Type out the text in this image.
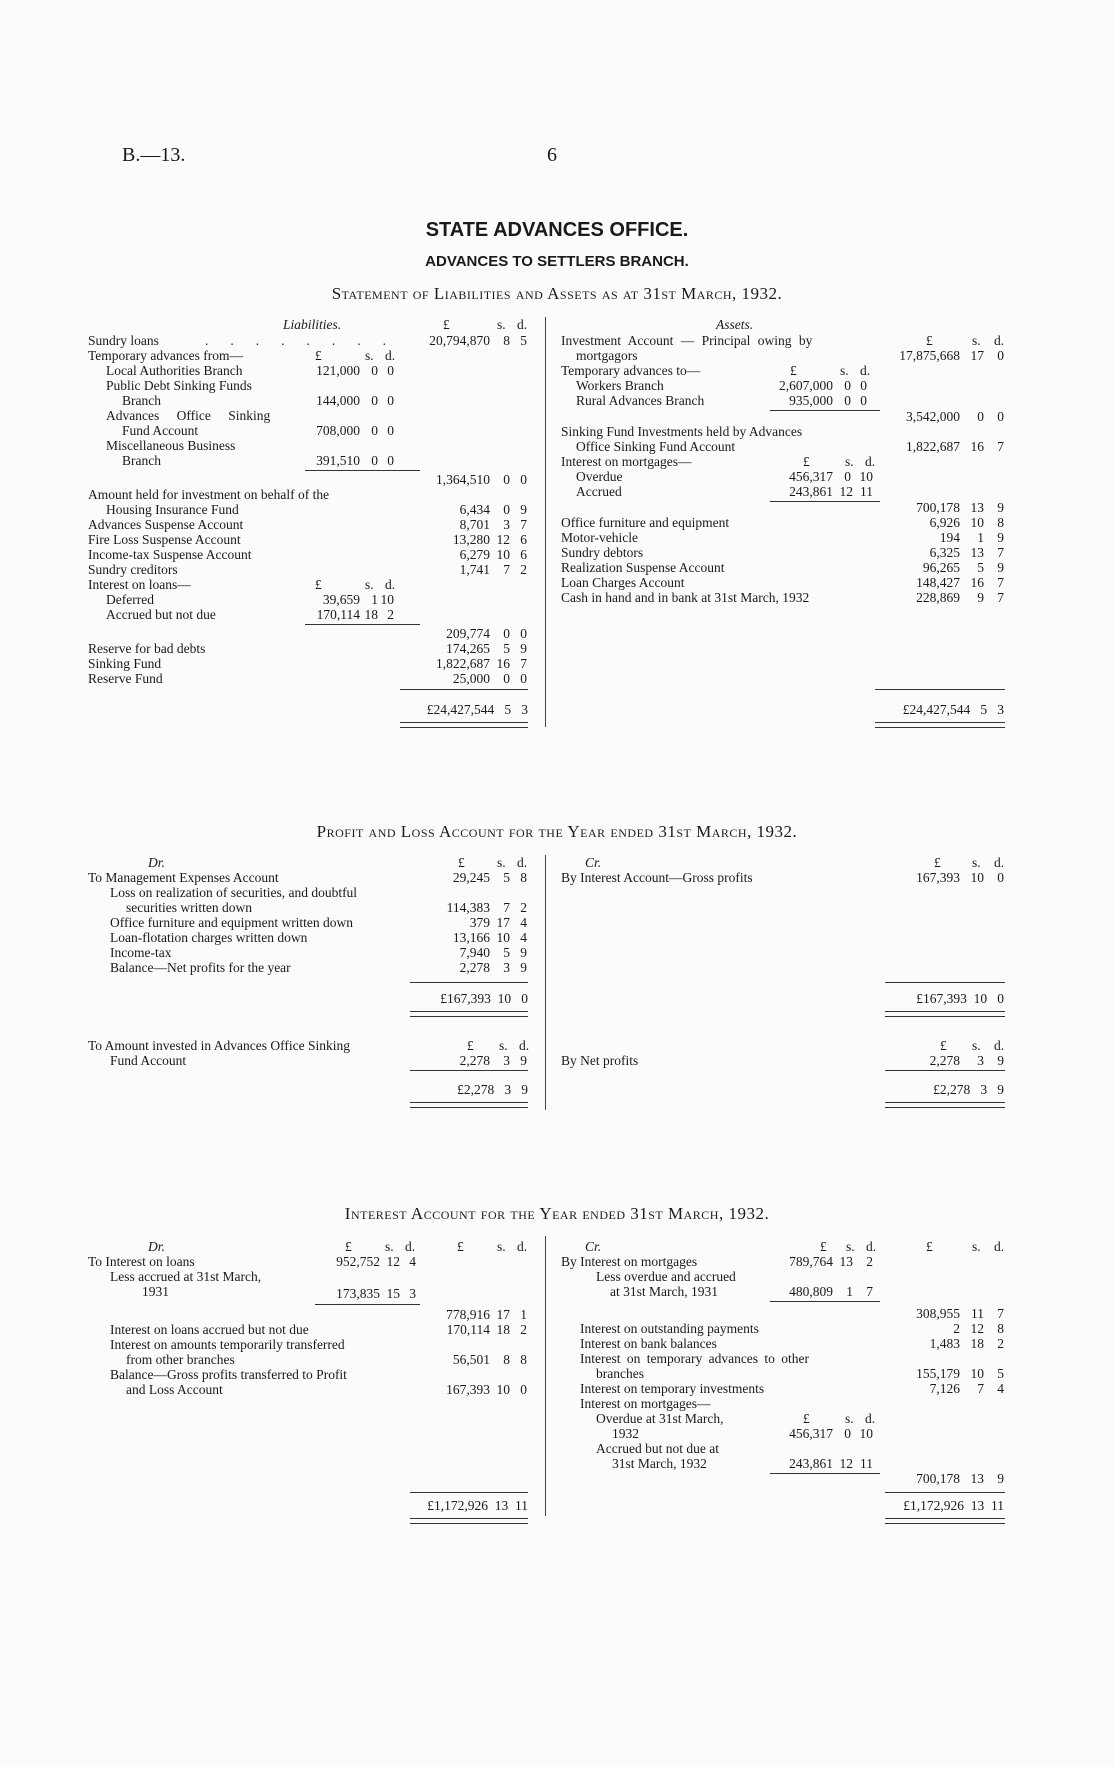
B.—13.	6
STATE ADVANCES OFFICE.
ADVANCES TO SETTLERS BRANCH.
Statement of Liabilities and Assets as at 31st March, 1932.
Liabilities.	£	s. d.
Sundry loans	........	20,794,870 8 5
Temporary advances from—	£	s. d.
Local Authorities Branch	121,000 0 0
Public Debt Sinking Funds
Branch	144,000 0 0
Advances Office Sinking
Fund Account	708,000 0 0
Miscellaneous Business
Branch	391,510 0 0
1,364,510 0 0
Amount held for investment on behalf of the
Housing Insurance Fund	6,434 0 9
Advances Suspense Account	8,701 3 7
Fire Loss Suspense Account	13,280 12 6
Income-tax Suspense Account	6,279 10 6
Sundry creditors	1,741 7 2
Interest on loans—	£	s. d.
Deferred	39,659 1 10
Accrued but not due	170,114 18 2
209,774 0 0
Reserve for bad debts	174,265 5 9
Sinking Fund	1,822,687 16 7
Reserve Fund	25,000 0 0
£24,427,544   5   3
Assets.
Investment Account — Principal owing by	£	s. d.
mortgagors	17,875,668 17 0
Temporary advances to—	£	s. d.
Workers Branch	2,607,000 0 0
Rural Advances Branch	935,000 0 0
3,542,000	0 0
Sinking Fund Investments held by Advances
Office Sinking Fund Account	1,822,687 16 7
Interest on mortgages—	£	s. d.
Overdue	456,317 0 10
Accrued	243,861 12 11
700,178 13 9
Office furniture and equipment	6,926 10 8
Motor-vehicle	194	1 9
Sundry debtors	6,325 13 7
Realization Suspense Account	96,265	5 9
Loan Charges Account	148,427 16 7
Cash in hand and in bank at 31st March, 1932	228,869	9 7
£24,427,544   5   3
Profit and Loss Account for the Year ended 31st March, 1932.
Dr.	£ s. d.	Cr.	£ s. d.
To Management Expenses Account	29,245 5 8	By Interest Account—Gross profits	167,393 10 0
Loss on realization of securities, and doubtful
securities written down	114,383 7 2
Office furniture and equipment written down	379 17 4
Loan-flotation charges written down	13,166 10 4
Income-tax	7,940 5 9
Balance—Net profits for the year	2,278 3 9
£167,393  10   0	£167,393  10   0
To Amount invested in Advances Office Sinking	£ s. d.
Fund Account	2,278 3 9
£ s. d.
By Net profits	2,278	3 9
£2,278   3   9	£2,278   3   9
Interest Account for the Year ended 31st March, 1932.
Dr.	£ s. d.	£ s. d.
To Interest on loans	952,752 12 4
Less accrued at 31st March,
1931	173,835 15 3
778,916 17 1
Interest on loans accrued but not due	170,114 18 2
Interest on amounts temporarily transferred
from other branches	56,501 8 8
Balance—Gross profits transferred to Profit
and Loss Account	167,393 10 0
£1,172,926  13  11
Cr.	£ s. d.	£	s. d.
By Interest on mortgages	789,764 13 2
Less overdue and accrued
at 31st March, 1931	480,809 1 7
308,955 11 7
Interest on outstanding payments	2 12 8
Interest on bank balances	1,483 18 2
Interest on temporary advances to other
branches	155,179 10 5
Interest on temporary investments	7,126	7 4
Interest on mortgages—
£	s. d.
Overdue at 31st March,
1932	456,317 0 10
Accrued but not due at
31st March, 1932	243,861 12 11
700,178 13 9
£1,172,926  13  11
